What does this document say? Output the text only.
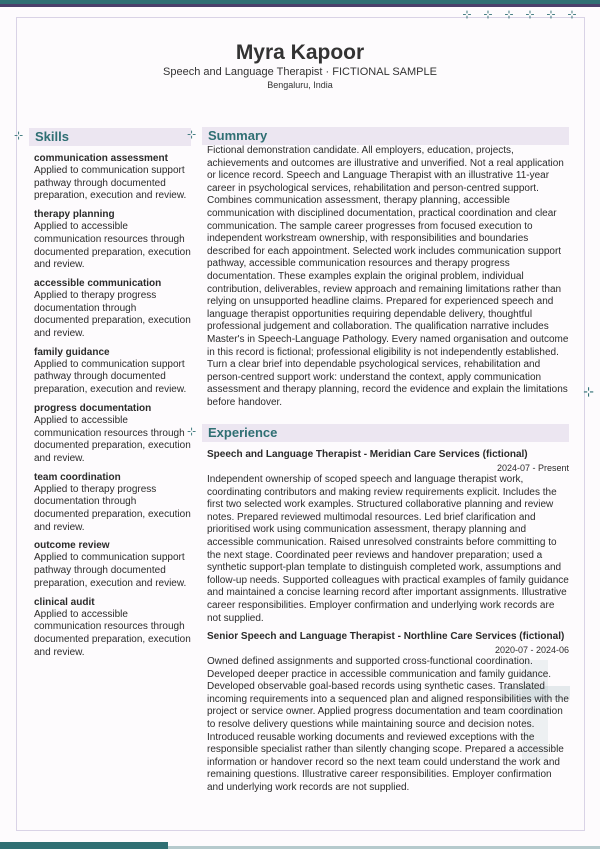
⊹	⊹	⊹	⊹	⊹	⊹
⊹
Myra Kapoor
Speech and Language Therapist · FICTIONAL SAMPLE
Bengaluru, India
⊹ Skills
communication assessment
Applied to communication support pathway through documented preparation, execution and review.
therapy planning
Applied to accessible communication resources through documented preparation, execution and review.
accessible communication
Applied to therapy progress documentation through documented preparation, execution and review.
family guidance
Applied to communication support pathway through documented preparation, execution and review.
progress documentation
Applied to accessible communication resources through documented preparation, execution and review.
team coordination
Applied to therapy progress documentation through documented preparation, execution and review.
outcome review
Applied to communication support pathway through documented preparation, execution and review.
clinical audit
Applied to accessible communication resources through documented preparation, execution and review.
⊹ Summary
Fictional demonstration candidate. All employers, education, projects, achievements and outcomes are illustrative and unverified. Not a real application or licence record. Speech and Language Therapist with an illustrative 11-year career in psychological services, rehabilitation and person-centred support. Combines communication assessment, therapy planning, accessible communication with disciplined documentation, practical coordination and clear communication. The sample career progresses from focused execution to independent workstream ownership, with responsibilities and boundaries described for each appointment. Selected work includes communication support pathway, accessible communication resources and therapy progress documentation. These examples explain the original problem, individual contribution, deliverables, review approach and remaining limitations rather than relying on unsupported headline claims. Prepared for experienced speech and language therapist opportunities requiring dependable delivery, thoughtful professional judgement and collaboration. The qualification narrative includes Master's in Speech-Language Pathology. Every named organisation and outcome in this record is fictional; professional eligibility is not independently established. Turn a clear brief into dependable psychological services, rehabilitation and person-centred support work: understand the context, apply communication assessment and therapy planning, record the evidence and explain the limitations before handover.
⊹ Experience
Speech and Language Therapist - Meridian Care Services (fictional)
2024-07 - Present
Independent ownership of scoped speech and language therapist work, coordinating contributors and making review requirements explicit. Includes the first two selected work examples. Structured collaborative planning and review notes. Prepared reviewed multimodal resources. Led brief clarification and prioritised work using communication assessment, therapy planning and accessible communication. Raised unresolved constraints before committing to the next stage. Coordinated peer reviews and handover preparation; used a synthetic support-plan template to distinguish completed work, assumptions and follow-up needs. Supported colleagues with practical examples of family guidance and maintained a concise learning record after important assignments. Illustrative career responsibilities. Employer confirmation and underlying work records are not supplied.
Senior Speech and Language Therapist - Northline Care Services (fictional)
2020-07 - 2024-06
Owned defined assignments and supported cross-functional coordination. Developed deeper practice in accessible communication and family guidance. Developed observable goal-based records using synthetic cases. Translated incoming requirements into a sequenced plan and aligned responsibilities with the project or service owner. Applied progress documentation and team coordination to resolve delivery questions while maintaining source and decision notes. Introduced reusable working documents and reviewed exceptions with the responsible specialist rather than silently changing scope. Prepared a accessible information or handover record so the next team could understand the work and remaining questions. Illustrative career responsibilities. Employer confirmation and underlying work records are not supplied.
